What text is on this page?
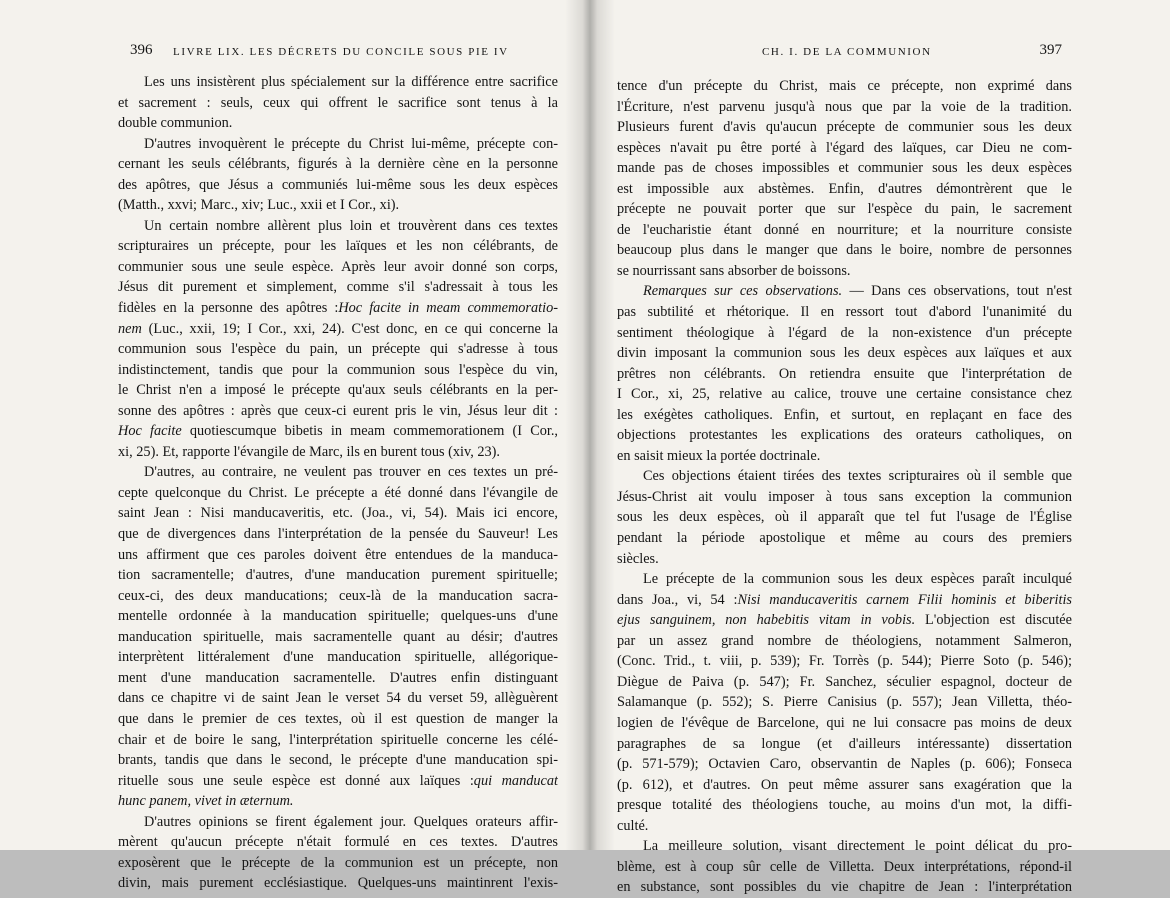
396 LIVRE LIX. LES DÉCRETS DU CONCILE SOUS PIE IV
Les uns insistèrent plus spécialement sur la différence entre sacrifice
et sacrement : seuls, ceux qui offrent le sacrifice sont tenus à la
double communion.
D'autres invoquèrent le précepte du Christ lui-même, précepte con-
cernant les seuls célébrants, figurés à la dernière cène en la personne
des apôtres, que Jésus a communiés lui-même sous les deux espèces
(Matth., xxvi; Marc., xiv; Luc., xxii et I Cor., xi).
Un certain nombre allèrent plus loin et trouvèrent dans ces textes
scripturaires un précepte, pour les laïques et les non célébrants, de
communier sous une seule espèce. Après leur avoir donné son corps,
Jésus dit purement et simplement, comme s'il s'adressait à tous les
fidèles en la personne des apôtres :Hoc facite in meam commemoratio-
nem (Luc., xxii, 19; I Cor., xxi, 24). C'est donc, en ce qui concerne la
communion sous l'espèce du pain, un précepte qui s'adresse à tous
indistinctement, tandis que pour la communion sous l'espèce du vin,
le Christ n'en a imposé le précepte qu'aux seuls célébrants en la per-
sonne des apôtres : après que ceux-ci eurent pris le vin, Jésus leur dit :
Hoc facite quotiescumque bibetis in meam commemorationem (I Cor.,
xi, 25). Et, rapporte l'évangile de Marc, ils en burent tous (xiv, 23).
D'autres, au contraire, ne veulent pas trouver en ces textes un pré-
cepte quelconque du Christ. Le précepte a été donné dans l'évangile de
saint Jean : Nisi manducaveritis, etc. (Joa., vi, 54). Mais ici encore,
que de divergences dans l'interprétation de la pensée du Sauveur! Les
uns affirment que ces paroles doivent être entendues de la manduca-
tion sacramentelle; d'autres, d'une manducation purement spirituelle;
ceux-ci, des deux manducations; ceux-là de la manducation sacra-
mentelle ordonnée à la manducation spirituelle; quelques-uns d'une
manducation spirituelle, mais sacramentelle quant au désir; d'autres
interprètent littéralement d'une manducation spirituelle, allégorique-
ment d'une manducation sacramentelle. D'autres enfin distinguant
dans ce chapitre vi de saint Jean le verset 54 du verset 59, allèguèrent
que dans le premier de ces textes, où il est question de manger la
chair et de boire le sang, l'interprétation spirituelle concerne les célé-
brants, tandis que dans le second, le précepte d'une manducation spi-
rituelle sous une seule espèce est donné aux laïques :qui manducat
hunc panem, vivet in æternum.
D'autres opinions se firent également jour. Quelques orateurs affir-
mèrent qu'aucun précepte n'était formulé en ces textes. D'autres
exposèrent que le précepte de la communion est un précepte, non
divin, mais purement ecclésiastique. Quelques-uns maintinrent l'exis-
CH. I. DE LA COMMUNION	397
tence d'un précepte du Christ, mais ce précepte, non exprimé dans
l'Écriture, n'est parvenu jusqu'à nous que par la voie de la tradition.
Plusieurs furent d'avis qu'aucun précepte de communier sous les deux
espèces n'avait pu être porté à l'égard des laïques, car Dieu ne com-
mande pas de choses impossibles et communier sous les deux espèces
est impossible aux abstèmes. Enfin, d'autres démontrèrent que le
précepte ne pouvait porter que sur l'espèce du pain, le sacrement
de l'eucharistie étant donné en nourriture; et la nourriture consiste
beaucoup plus dans le manger que dans le boire, nombre de personnes
se nourrissant sans absorber de boissons.
Remarques sur ces observations. — Dans ces observations, tout n'est
pas subtilité et rhétorique. Il en ressort tout d'abord l'unanimité du
sentiment théologique à l'égard de la non-existence d'un précepte
divin imposant la communion sous les deux espèces aux laïques et aux
prêtres non célébrants. On retiendra ensuite que l'interprétation de
I Cor., xi, 25, relative au calice, trouve une certaine consistance chez
les exégètes catholiques. Enfin, et surtout, en replaçant en face des
objections protestantes les explications des orateurs catholiques, on
en saisit mieux la portée doctrinale.
Ces objections étaient tirées des textes scripturaires où il semble que
Jésus-Christ ait voulu imposer à tous sans exception la communion
sous les deux espèces, où il apparaît que tel fut l'usage de l'Église
pendant la période apostolique et même au cours des premiers
siècles.
Le précepte de la communion sous les deux espèces paraît inculqué
dans Joa., vi, 54 :Nisi manducaveritis carnem Filii hominis et biberitis
ejus sanguinem, non habebitis vitam in vobis. L'objection est discutée
par un assez grand nombre de théologiens, notamment Salmeron,
(Conc. Trid., t. viii, p. 539); Fr. Torrès (p. 544); Pierre Soto (p. 546);
Diègue de Paiva (p. 547); Fr. Sanchez, séculier espagnol, docteur de
Salamanque (p. 552); S. Pierre Canisius (p. 557); Jean Villetta, théo-
logien de l'évêque de Barcelone, qui ne lui consacre pas moins de deux
paragraphes de sa longue (et d'ailleurs intéressante) dissertation
(p. 571-579); Octavien Caro, observantin de Naples (p. 606); Fonseca
(p. 612), et d'autres. On peut même assurer sans exagération que la
presque totalité des théologiens touche, au moins d'un mot, la diffi-
culté.
La meilleure solution, visant directement le point délicat du pro-
blème, est à coup sûr celle de Villetta. Deux interprétations, répond-il
en substance, sont possibles du vie chapitre de Jean : l'interprétation
